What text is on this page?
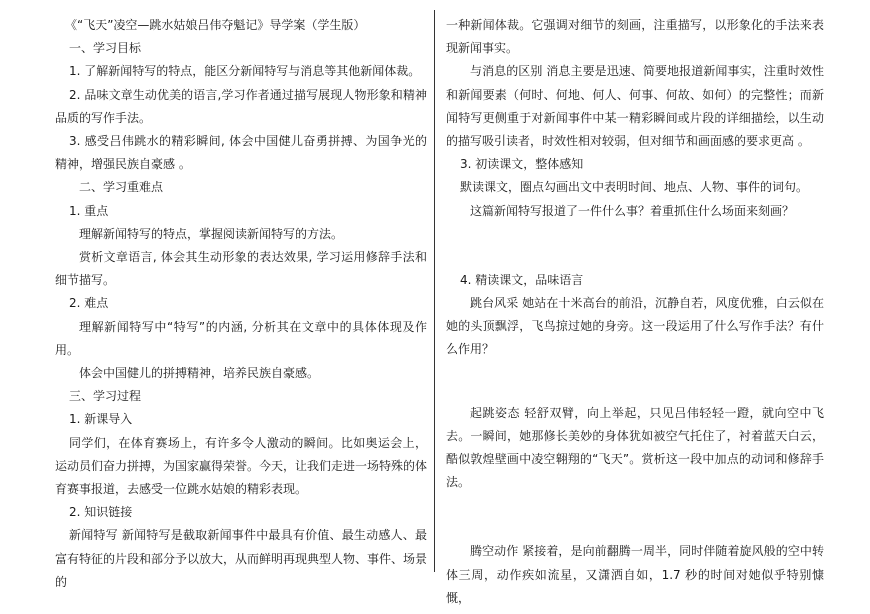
《“飞天”凌空—跳水姑娘吕伟夺魁记》导学案（学生版）

一、学习目标

1. 了解新闻特写的特点，能区分新闻特写与消息等其他新闻体裁。

2. 品味文章生动优美的语言,学习作者通过描写展现人物形象和精神品质的写作手法。

3. 感受吕伟跳水的精彩瞬间, 体会中国健儿奋勇拼搏、为国争光的精神，增强民族自豪感 。

二、学习重难点

1. 重点

理解新闻特写的特点，掌握阅读新闻特写的方法。

赏析文章语言, 体会其生动形象的表达效果, 学习运用修辞手法和细节描写。

2. 难点

理解新闻特写中“特写”的内涵, 分析其在文章中的具体体现及作用。

体会中国健儿的拼搏精神，培养民族自豪感。

三、学习过程

1. 新课导入

同学们，在体育赛场上，有许多令人激动的瞬间。比如奥运会上，运动员们奋力拼搏，为国家赢得荣誉。今天，让我们走进一场特殊的体育赛事报道，去感受一位跳水姑娘的精彩表现。

2. 知识链接

新闻特写 新闻特写是截取新闻事件中最具有价值、最生动感人、最富有特征的片段和部分予以放大，从而鲜明再现典型人物、事件、场景的

一种新闻体裁。它强调对细节的刻画，注重描写，以形象化的手法来表现新闻事实。

与消息的区别 消息主要是迅速、简要地报道新闻事实，注重时效性和新闻要素（何时、何地、何人、何事、何故、如何）的完整性；而新闻特写更侧重于对新闻事件中某一精彩瞬间或片段的详细描绘，以生动的描写吸引读者，时效性相对较弱，但对细节和画面感的要求更高 。

3. 初读课文，整体感知

默读课文，圈点勾画出文中表明时间、地点、人物、事件的词句。

这篇新闻特写报道了一件什么事？着重抓住什么场面来刻画？

4. 精读课文，品味语言

跳台风采 她站在十米高台的前沿，沉静自若，风度优雅，白云似在她的头顶飘浮，飞鸟掠过她的身旁。这一段运用了什么写作手法？有什么作用？

起跳姿态 轻舒双臂，向上举起，只见吕伟轻轻一蹬，就向空中飞去。一瞬间，她那修长美妙的身体犹如被空气托住了，衬着蓝天白云，酷似敦煌壁画中凌空翱翔的“飞天”。赏析这一段中加点的动词和修辞手法。

腾空动作 紧接着，是向前翻腾一周半，同时伴随着旋风般的空中转体三周，动作疾如流星，又潇洒自如，1.7 秒的时间对她似乎特别慷慨，
